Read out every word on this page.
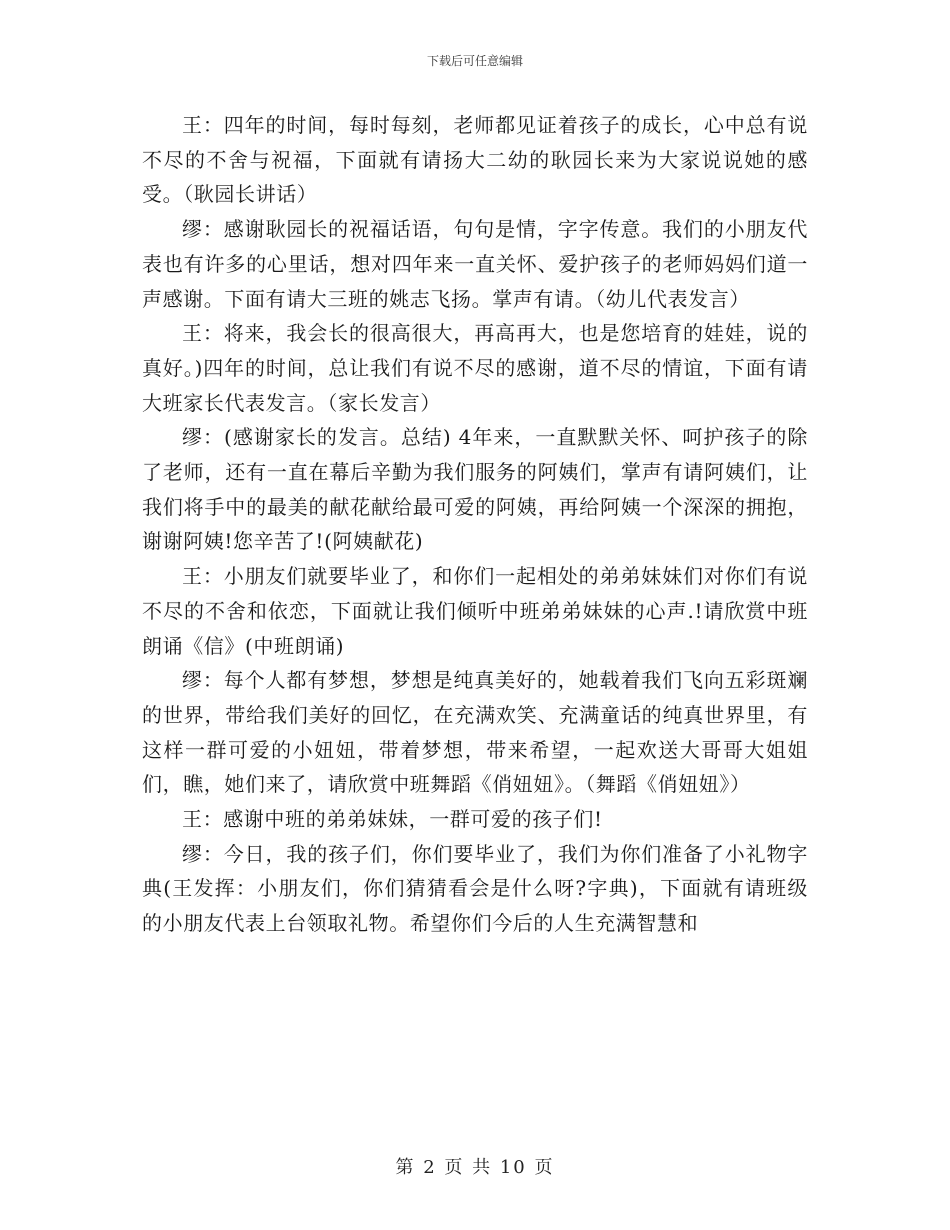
下载后可任意编辑

王：四年的时间，每时每刻，老师都见证着孩子的成长，心中总有说不尽的不舍与祝福，下面就有请扬大二幼的耿园长来为大家说说她的感受。（耿园长讲话）

缪：感谢耿园长的祝福话语，句句是情，字字传意。我们的小朋友代表也有许多的心里话，想对四年来一直关怀、爱护孩子的老师妈妈们道一声感谢。下面有请大三班的姚志飞扬。掌声有请。（幼儿代表发言）

王：将来，我会长的很高很大，再高再大，也是您培育的娃娃，说的真好。)四年的时间，总让我们有说不尽的感谢，道不尽的情谊，下面有请大班家长代表发言。（家长发言）

缪：(感谢家长的发言。总结) 4年来，一直默默关怀、呵护孩子的除了老师，还有一直在幕后辛勤为我们服务的阿姨们，掌声有请阿姨们，让我们将手中的最美的献花献给最可爱的阿姨，再给阿姨一个深深的拥抱，谢谢阿姨!您辛苦了!(阿姨献花)

王：小朋友们就要毕业了，和你们一起相处的弟弟妹妹们对你们有说不尽的不舍和依恋，下面就让我们倾听中班弟弟妹妹的心声.!请欣赏中班朗诵《信》(中班朗诵)

缪：每个人都有梦想，梦想是纯真美好的，她载着我们飞向五彩斑斓的世界，带给我们美好的回忆，在充满欢笑、充满童话的纯真世界里，有这样一群可爱的小妞妞，带着梦想，带来希望，一起欢送大哥哥大姐姐们，瞧，她们来了，请欣赏中班舞蹈《俏妞妞》。（舞蹈《俏妞妞》）

王：感谢中班的弟弟妹妹，一群可爱的孩子们!

缪：今日，我的孩子们，你们要毕业了，我们为你们准备了小礼物字典(王发挥：小朋友们，你们猜猜看会是什么呀?字典)，下面就有请班级的小朋友代表上台领取礼物。希望你们今后的人生充满智慧和

第 2 页 共 10 页
